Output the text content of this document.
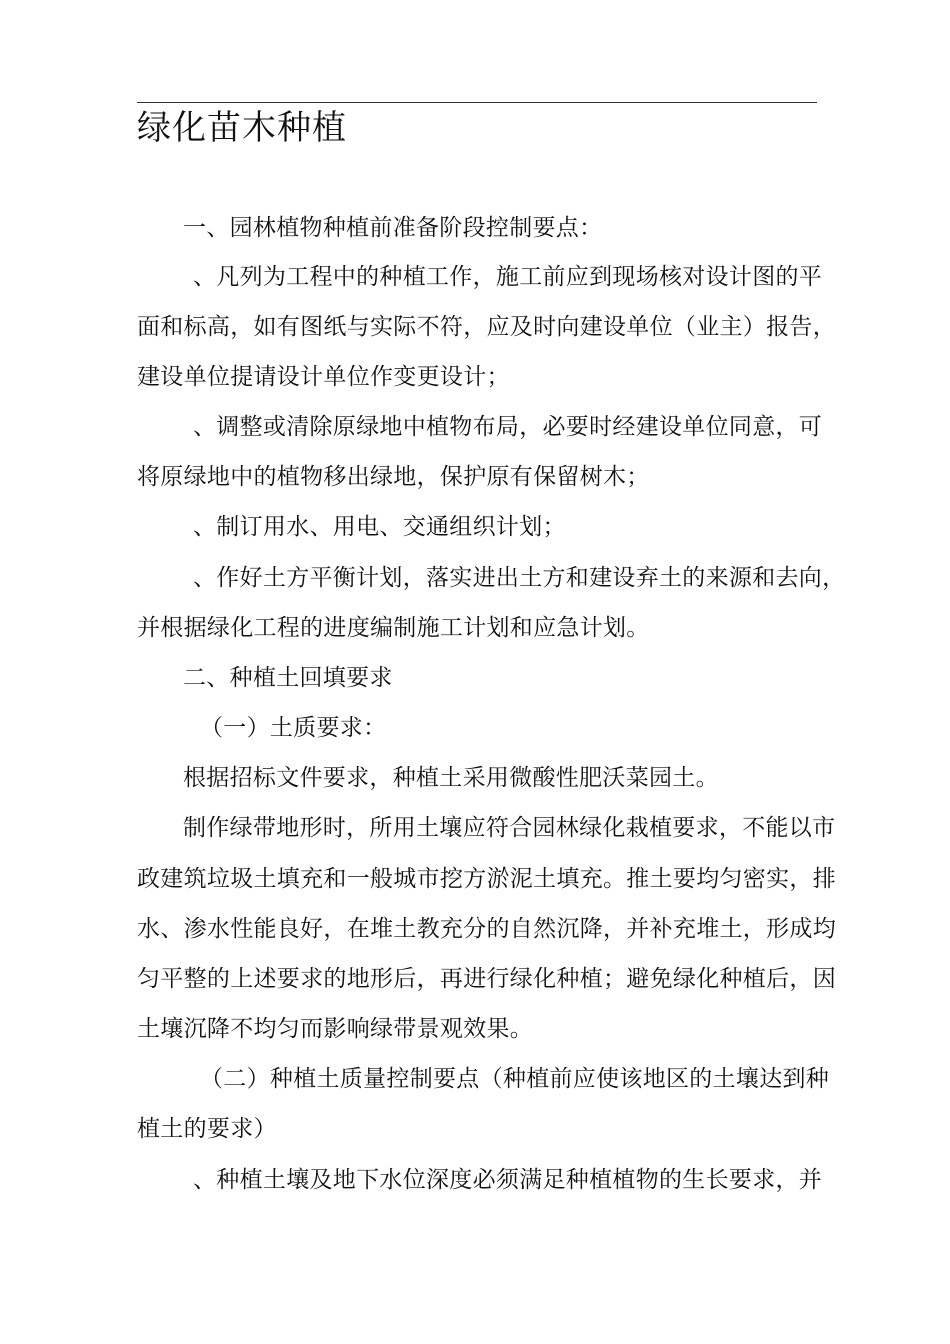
绿化苗木种植

一、园林植物种植前准备阶段控制要点：

、凡列为工程中的种植工作，施工前应到现场核对设计图的平

面和标高，如有图纸与实际不符，应及时向建设单位（业主）报告，

建设单位提请设计单位作变更设计；

、调整或清除原绿地中植物布局，必要时经建设单位同意，可

将原绿地中的植物移出绿地，保护原有保留树木；

、制订用水、用电、交通组织计划；

、作好土方平衡计划，落实进出土方和建设弃土的来源和去向，

并根据绿化工程的进度编制施工计划和应急计划。

二、种植土回填要求

（一）土质要求：

根据招标文件要求，种植土采用微酸性肥沃菜园土。

制作绿带地形时，所用土壤应符合园林绿化栽植要求，不能以市

政建筑垃圾土填充和一般城市挖方淤泥土填充。推土要均匀密实，排

水、渗水性能良好，在堆土教充分的自然沉降，并补充堆土，形成均

匀平整的上述要求的地形后，再进行绿化种植；避免绿化种植后，因

土壤沉降不均匀而影响绿带景观效果。

（二）种植土质量控制要点（种植前应使该地区的土壤达到种

植土的要求）

、种植土壤及地下水位深度必须满足种植植物的生长要求，并
